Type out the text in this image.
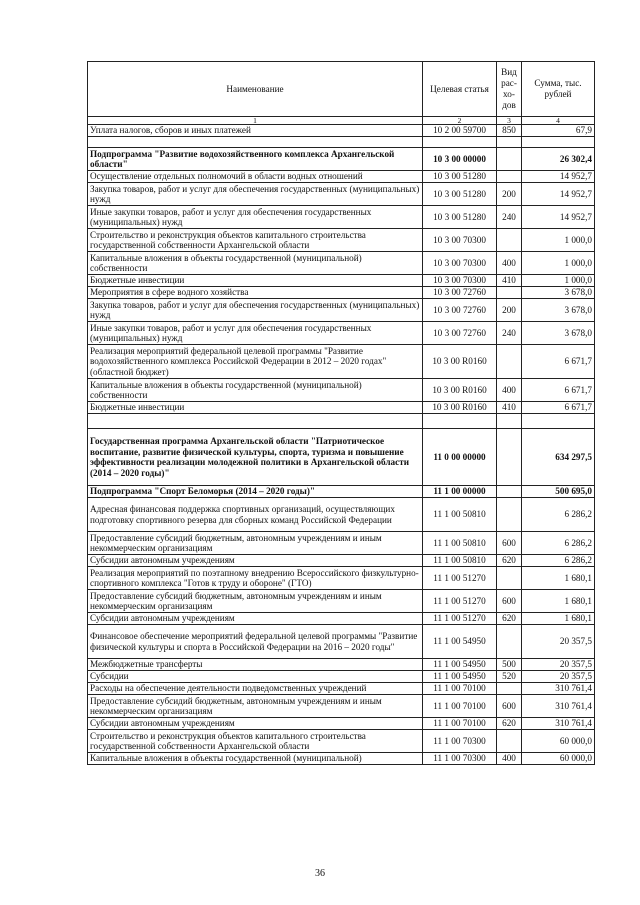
Наименование	Целевая статья	Вид рас- хо- дов	Сумма, тыс. рублей
1	2	3	4
Уплата налогов, сборов и иных платежей	10 2 00 59700	850	67,9

Подпрограмма "Развитие водохозяйственного комплекса Архангельской области"	10 3 00 00000		26 302,4
Осуществление отдельных полномочий в области водных отношений	10 3 00 51280		14 952,7
Закупка товаров, работ и услуг для обеспечения государственных (муниципальных) нужд	10 3 00 51280	200	14 952,7
Иные закупки товаров, работ и услуг для обеспечения государственных (муниципальных) нужд	10 3 00 51280	240	14 952,7
Строительство и реконструкция объектов капитального строительства государственной собственности Архангельской области	10 3 00 70300		1 000,0
Капитальные вложения в объекты государственной (муниципальной) собственности	10 3 00 70300	400	1 000,0
Бюджетные инвестиции	10 3 00 70300	410	1 000,0
Мероприятия в сфере водного хозяйства	10 3 00 72760		3 678,0
Закупка товаров, работ и услуг для обеспечения государственных (муниципальных) нужд	10 3 00 72760	200	3 678,0
Иные закупки товаров, работ и услуг для обеспечения государственных (муниципальных) нужд	10 3 00 72760	240	3 678,0
Реализация мероприятий федеральной целевой программы "Развитие водохозяйственного комплекса Российской Федерации в 2012 – 2020 годах" (областной бюджет)	10 3 00 R0160		6 671,7
Капитальные вложения в объекты государственной (муниципальной) собственности	10 3 00 R0160	400	6 671,7
Бюджетные инвестиции	10 3 00 R0160	410	6 671,7

Государственная программа Архангельской области "Патриотическое воспитание, развитие физической культуры, спорта, туризма и повышение эффективности реализации молодежной политики в Архангельской области (2014 – 2020 годы)"	11 0 00 00000		634 297,5
Подпрограмма "Спорт Беломорья (2014 – 2020 годы)"	11 1 00 00000		500 695,0
Адресная финансовая поддержка спортивных организаций, осуществляющих подготовку спортивного резерва для сборных команд Российской Федерации	11 1 00 50810		6 286,2
Предоставление субсидий бюджетным, автономным учреждениям и иным некоммерческим организациям	11 1 00 50810	600	6 286,2
Субсидии автономным учреждениям	11 1 00 50810	620	6 286,2
Реализация мероприятий по поэтапному внедрению Всероссийского физкультурно-спортивного комплекса "Готов к труду и обороне" (ГТО)	11 1 00 51270		1 680,1
Предоставление субсидий бюджетным, автономным учреждениям и иным некоммерческим организациям	11 1 00 51270	600	1 680,1
Субсидии автономным учреждениям	11 1 00 51270	620	1 680,1
Финансовое обеспечение мероприятий федеральной целевой программы "Развитие физической культуры и спорта в Российской Федерации на 2016 – 2020 годы"	11 1 00 54950		20 357,5
Межбюджетные трансферты	11 1 00 54950	500	20 357,5
Субсидии	11 1 00 54950	520	20 357,5
Расходы на обеспечение деятельности подведомственных учреждений	11 1 00 70100		310 761,4
Предоставление субсидий бюджетным, автономным учреждениям и иным некоммерческим организациям	11 1 00 70100	600	310 761,4
Субсидии автономным учреждениям	11 1 00 70100	620	310 761,4
Строительство и реконструкция объектов капитального строительства государственной собственности Архангельской области	11 1 00 70300		60 000,0
Капитальные вложения в объекты государственной (муниципальной)	11 1 00 70300	400	60 000,0
36
